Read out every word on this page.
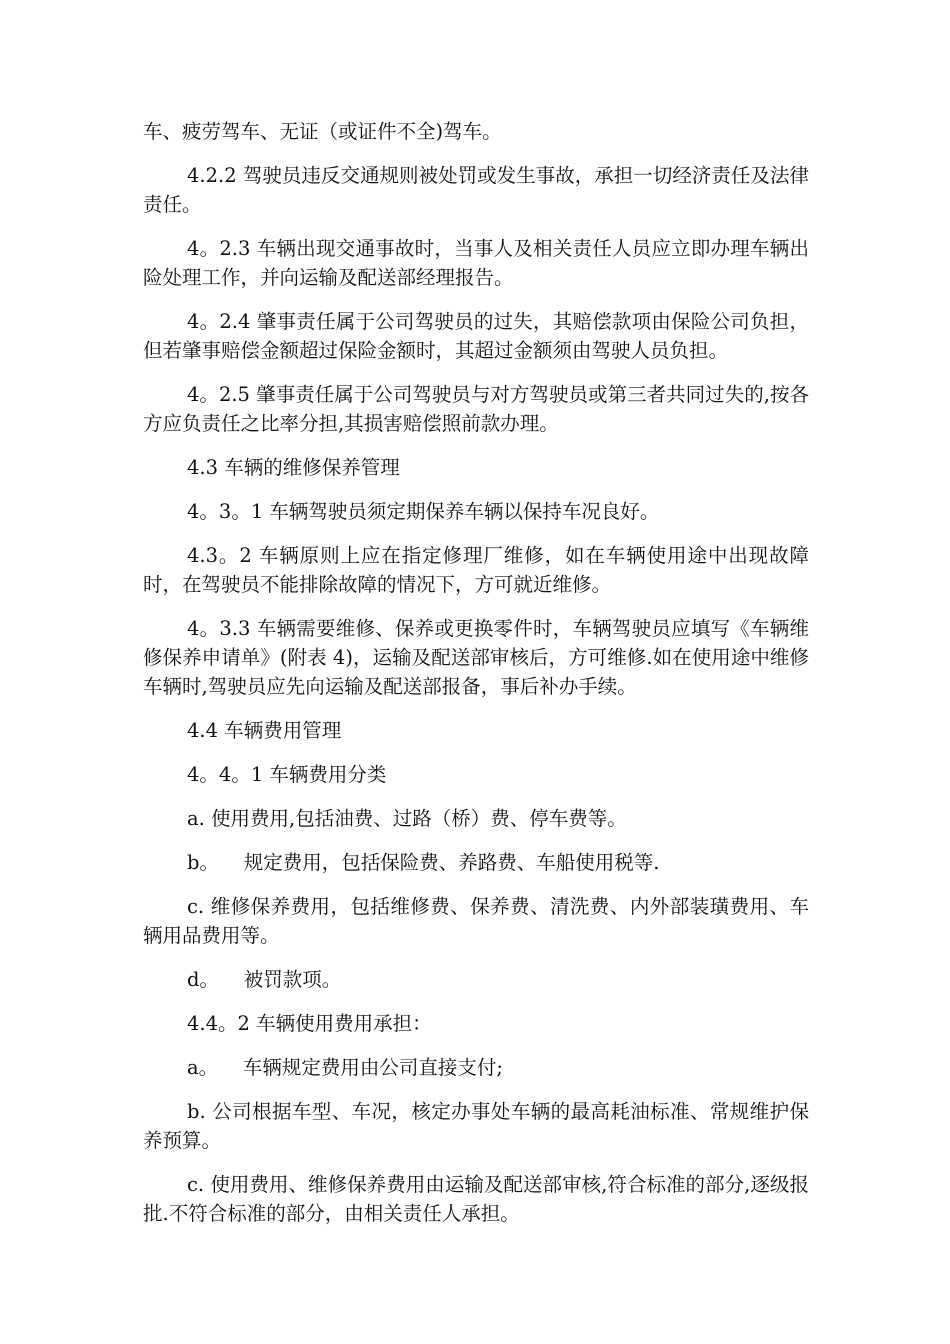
车、疲劳驾车、无证（或证件不全)驾车。

4.2.2 驾驶员违反交通规则被处罚或发生事故，承担一切经济责任及法律责任。

4。2.3 车辆出现交通事故时，当事人及相关责任人员应立即办理车辆出险处理工作，并向运输及配送部经理报告。

4。2.4 肇事责任属于公司驾驶员的过失，其赔偿款项由保险公司负担，但若肇事赔偿金额超过保险金额时，其超过金额须由驾驶人员负担。

4。2.5 肇事责任属于公司驾驶员与对方驾驶员或第三者共同过失的,按各方应负责任之比率分担,其损害赔偿照前款办理。

4.3 车辆的维修保养管理

4。3。1 车辆驾驶员须定期保养车辆以保持车况良好。

4.3。2 车辆原则上应在指定修理厂维修，如在车辆使用途中出现故障时，在驾驶员不能排除故障的情况下，方可就近维修。

4。3.3 车辆需要维修、保养或更换零件时，车辆驾驶员应填写《车辆维修保养申请单》(附表 4)，运输及配送部审核后，方可维修.如在使用途中维修车辆时,驾驶员应先向运输及配送部报备，事后补办手续。

4.4 车辆费用管理

4。4。1 车辆费用分类

a. 使用费用,包括油费、过路（桥）费、停车费等。

b。    规定费用，包括保险费、养路费、车船使用税等.

c. 维修保养费用，包括维修费、保养费、清洗费、内外部装璜费用、车辆用品费用等。

d。    被罚款项。

4.4。2 车辆使用费用承担：

a。    车辆规定费用由公司直接支付;

b. 公司根据车型、车况，核定办事处车辆的最高耗油标准、常规维护保养预算。

c. 使用费用、维修保养费用由运输及配送部审核,符合标准的部分,逐级报批.不符合标准的部分，由相关责任人承担。
